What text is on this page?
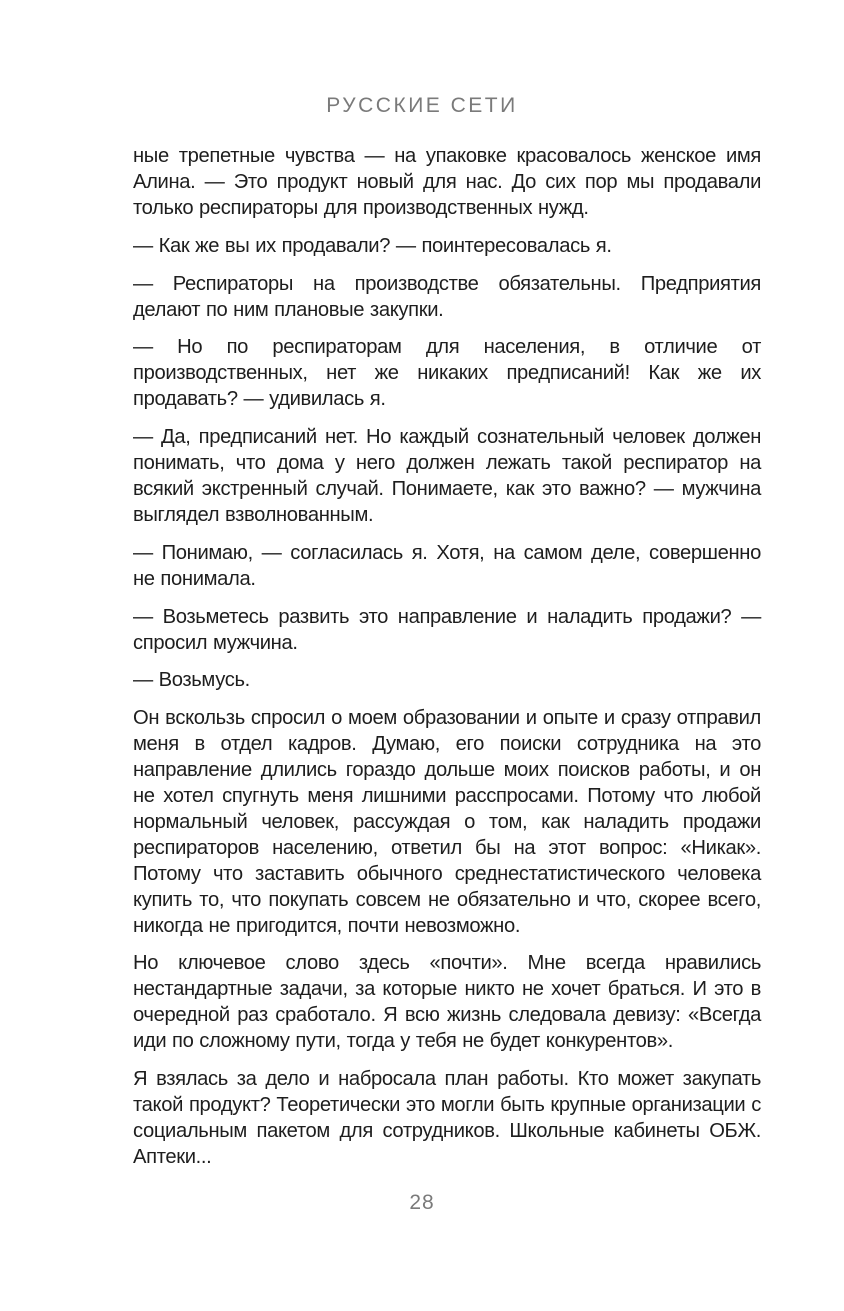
РУССКИЕ СЕТИ

ные трепетные чувства — на упаковке красовалось женское имя Алина. — Это продукт новый для нас. До сих пор мы продавали только респираторы для производственных нужд.

— Как же вы их продавали? — поинтересовалась я.

— Респираторы на производстве обязательны. Предприятия делают по ним плановые закупки.

— Но по респираторам для населения, в отличие от производственных, нет же никаких предписаний! Как же их продавать? — удивилась я.

— Да, предписаний нет. Но каждый сознательный человек должен понимать, что дома у него должен лежать такой респиратор на всякий экстренный случай. Понимаете, как это важно? — мужчина выглядел взволнованным.

— Понимаю, — согласилась я. Хотя, на самом деле, совершенно не понимала.

— Возьметесь развить это направление и наладить продажи? — спросил мужчина.

— Возьмусь.

Он вскользь спросил о моем образовании и опыте и сразу отправил меня в отдел кадров. Думаю, его поиски сотрудника на это направление длились гораздо дольше моих поисков работы, и он не хотел спугнуть меня лишними расспросами. Потому что любой нормальный человек, рассуждая о том, как наладить продажи респираторов населению, ответил бы на этот вопрос: «Никак». Потому что заставить обычного среднестатистического человека купить то, что покупать совсем не обязательно и что, скорее всего, никогда не пригодится, почти невозможно.

Но ключевое слово здесь «почти». Мне всегда нравились нестандартные задачи, за которые никто не хочет браться. И это в очередной раз сработало. Я всю жизнь следовала девизу: «Всегда иди по сложному пути, тогда у тебя не будет конкурентов».

Я взялась за дело и набросала план работы. Кто может закупать такой продукт? Теоретически это могли быть крупные организации с социальным пакетом для сотрудников. Школьные кабинеты ОБЖ. Аптеки...

28
